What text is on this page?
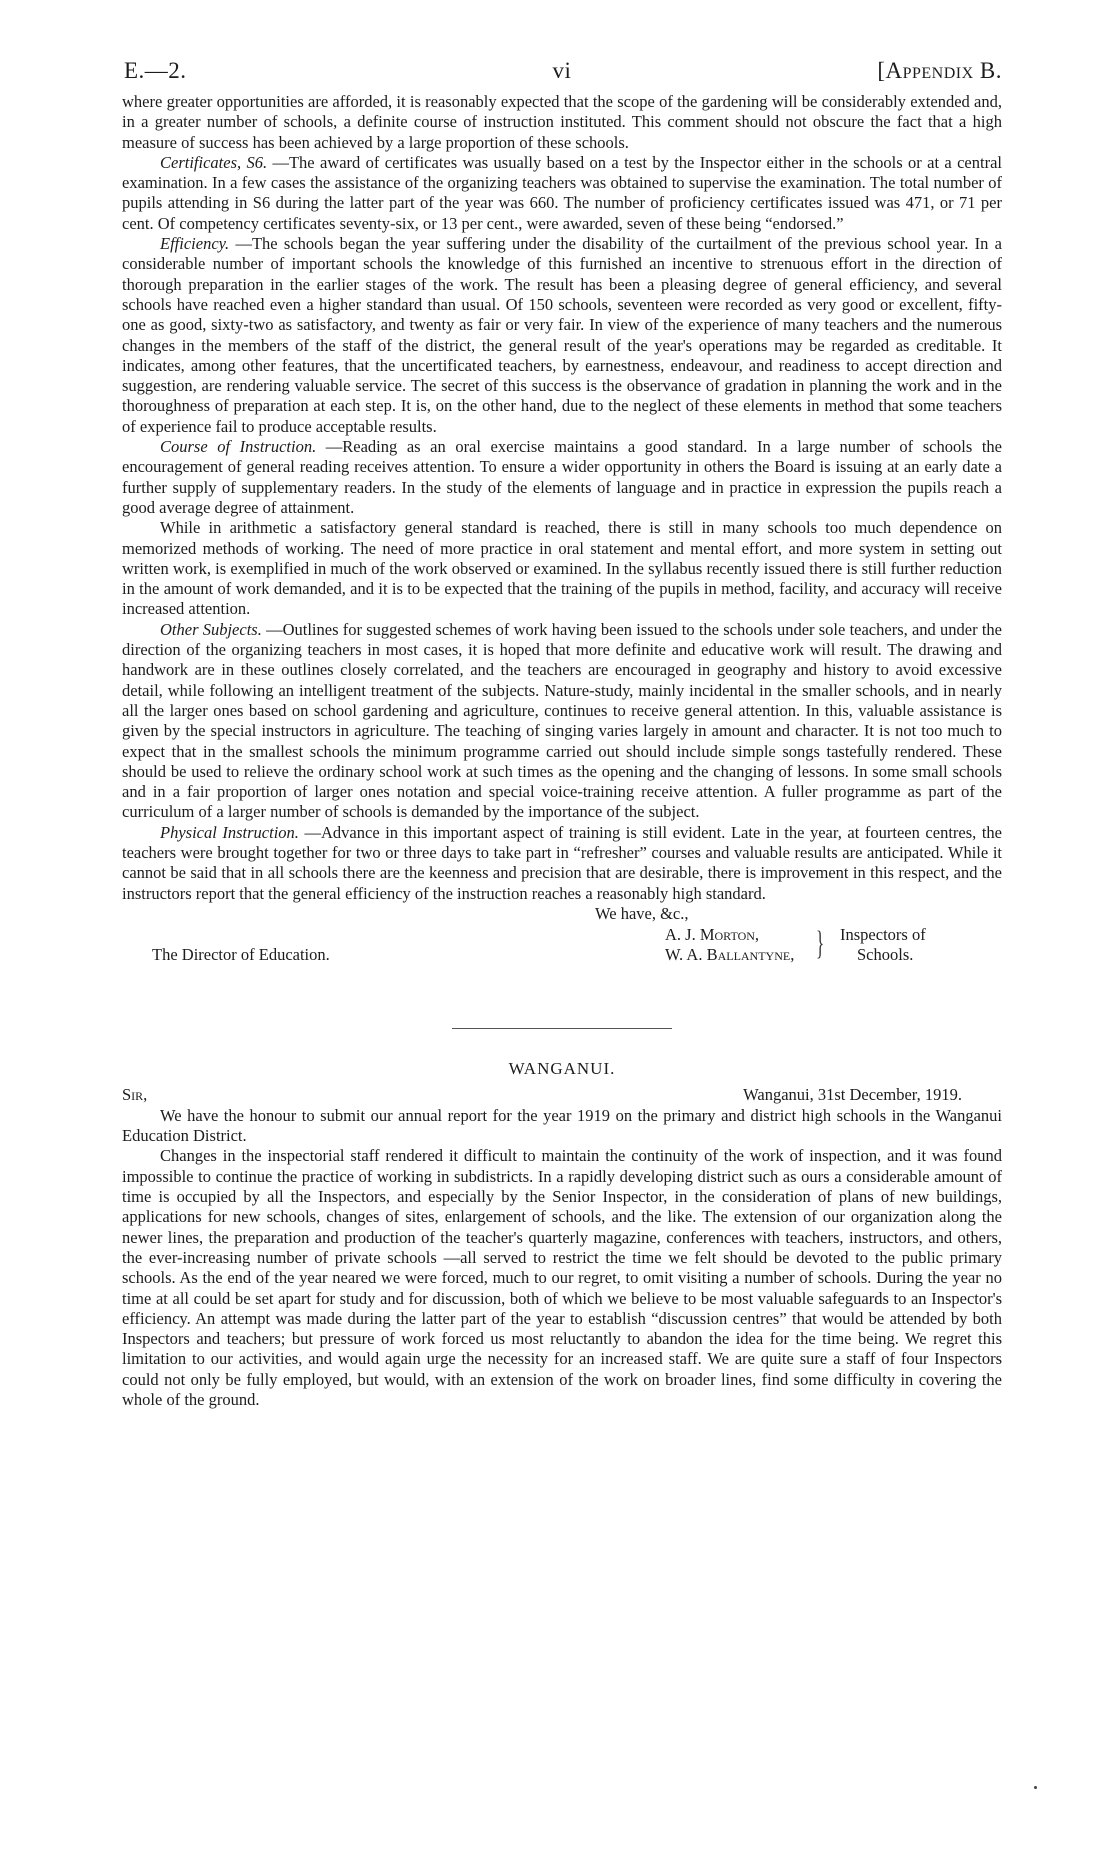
E.—2.	vi	[Appendix B.

where greater opportunities are afforded, it is reasonably expected that the scope of the gardening will be considerably extended and, in a greater number of schools, a definite course of instruction instituted. This comment should not obscure the fact that a high measure of success has been achieved by a large proportion of these schools.

Certificates, S6. —The award of certificates was usually based on a test by the Inspector either in the schools or at a central examination. In a few cases the assistance of the organizing teachers was obtained to supervise the examination. The total number of pupils attending in S6 during the latter part of the year was 660. The number of proficiency certificates issued was 471, or 71 per cent. Of competency certificates seventy-six, or 13 per cent., were awarded, seven of these being “endorsed.”

Efficiency. —The schools began the year suffering under the disability of the curtailment of the previous school year. In a considerable number of important schools the knowledge of this furnished an incentive to strenuous effort in the direction of thorough preparation in the earlier stages of the work. The result has been a pleasing degree of general efficiency, and several schools have reached even a higher standard than usual. Of 150 schools, seventeen were recorded as very good or excellent, fifty-one as good, sixty-two as satisfactory, and twenty as fair or very fair. In view of the experience of many teachers and the numerous changes in the members of the staff of the district, the general result of the year's operations may be regarded as creditable. It indicates, among other features, that the uncertificated teachers, by earnestness, endeavour, and readiness to accept direction and suggestion, are rendering valuable service. The secret of this success is the observance of gradation in planning the work and in the thoroughness of preparation at each step. It is, on the other hand, due to the neglect of these elements in method that some teachers of experience fail to produce acceptable results.

Course of Instruction. —Reading as an oral exercise maintains a good standard. In a large number of schools the encouragement of general reading receives attention. To ensure a wider opportunity in others the Board is issuing at an early date a further supply of supplementary readers. In the study of the elements of language and in practice in expression the pupils reach a good average degree of attainment.

While in arithmetic a satisfactory general standard is reached, there is still in many schools too much dependence on memorized methods of working. The need of more practice in oral statement and mental effort, and more system in setting out written work, is exemplified in much of the work observed or examined. In the syllabus recently issued there is still further reduction in the amount of work demanded, and it is to be expected that the training of the pupils in method, facility, and accuracy will receive increased attention.

Other Subjects. —Outlines for suggested schemes of work having been issued to the schools under sole teachers, and under the direction of the organizing teachers in most cases, it is hoped that more definite and educative work will result. The drawing and handwork are in these outlines closely correlated, and the teachers are encouraged in geography and history to avoid excessive detail, while following an intelligent treatment of the subjects. Nature-study, mainly incidental in the smaller schools, and in nearly all the larger ones based on school gardening and agriculture, continues to receive general attention. In this, valuable assistance is given by the special instructors in agriculture. The teaching of singing varies largely in amount and character. It is not too much to expect that in the smallest schools the minimum programme carried out should include simple songs tastefully rendered. These should be used to relieve the ordinary school work at such times as the opening and the changing of lessons. In some small schools and in a fair proportion of larger ones notation and special voice-training receive attention. A fuller programme as part of the curriculum of a larger number of schools is demanded by the importance of the subject.

Physical Instruction. —Advance in this important aspect of training is still evident. Late in the year, at fourteen centres, the teachers were brought together for two or three days to take part in “refresher” courses and valuable results are anticipated. While it cannot be said that in all schools there are the keenness and precision that are desirable, there is improvement in this respect, and the instructors report that the general efficiency of the instruction reaches a reasonably high standard.

We have, &c.,
A. J. Morton,
W. A. Ballantyne, } Inspectors of
Schools.
The Director of Education.
WANGANUI.
Sir,	Wanganui, 31st December, 1919.

We have the honour to submit our annual report for the year 1919 on the primary and district high schools in the Wanganui Education District.

Changes in the inspectorial staff rendered it difficult to maintain the continuity of the work of inspection, and it was found impossible to continue the practice of working in subdistricts. In a rapidly developing district such as ours a considerable amount of time is occupied by all the Inspectors, and especially by the Senior Inspector, in the consideration of plans of new buildings, applications for new schools, changes of sites, enlargement of schools, and the like. The extension of our organization along the newer lines, the preparation and production of the teacher's quarterly magazine, conferences with teachers, instructors, and others, the ever-increasing number of private schools —all served to restrict the time we felt should be devoted to the public primary schools. As the end of the year neared we were forced, much to our regret, to omit visiting a number of schools. During the year no time at all could be set apart for study and for discussion, both of which we believe to be most valuable safeguards to an Inspector's efficiency. An attempt was made during the latter part of the year to establish “discussion centres” that would be attended by both Inspectors and teachers; but pressure of work forced us most reluctantly to abandon the idea for the time being. We regret this limitation to our activities, and would again urge the necessity for an increased staff. We are quite sure a staff of four Inspectors could not only be fully employed, but would, with an extension of the work on broader lines, find some difficulty in covering the whole of the ground.
